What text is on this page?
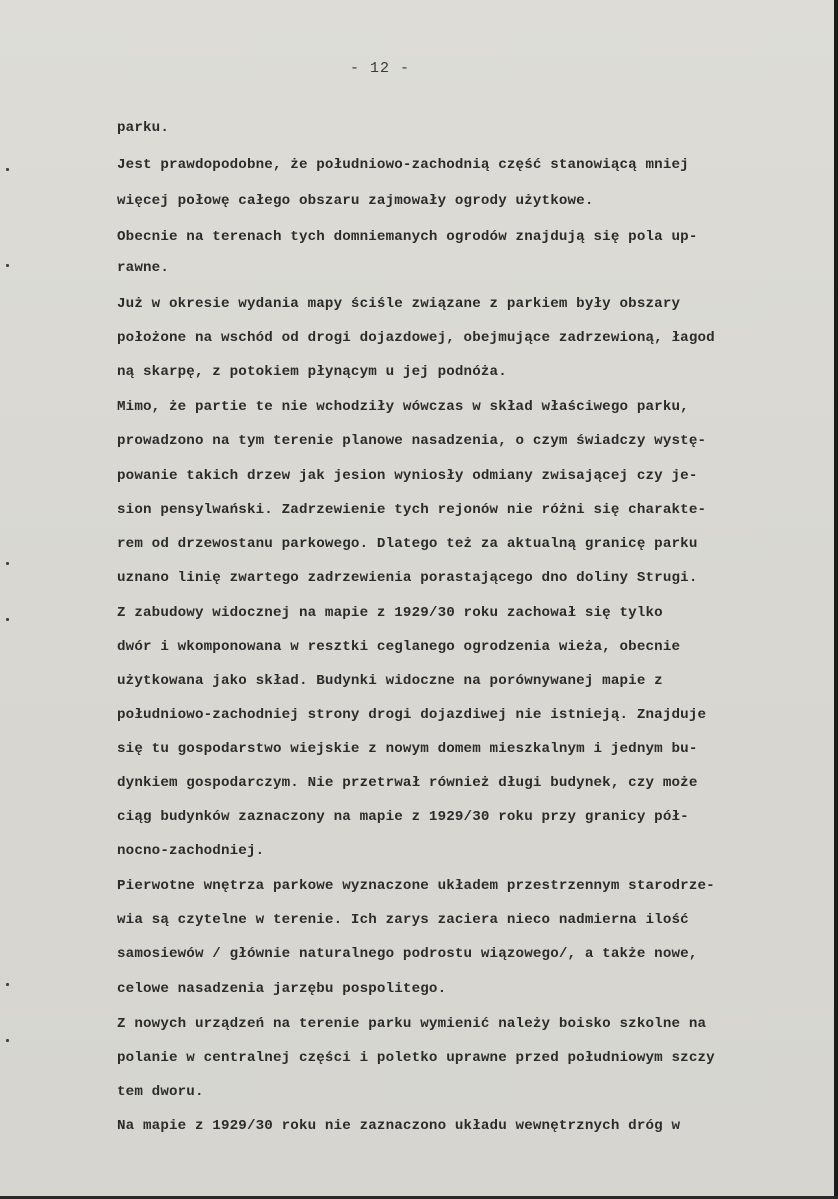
- 12 -
parku.
Jest prawdopodobne, że południowo-zachodnią część stanowiącą mniej
więcej połowę całego obszaru zajmowały ogrody użytkowe.
Obecnie na terenach tych domniemanych ogrodów znajdują się pola up-
rawne.
Już w okresie wydania mapy ściśle związane z parkiem były obszary
położone na wschód od drogi dojazdowej, obejmujące zadrzewioną, łagod
ną skarpę, z potokiem płynącym u jej podnóża.
Mimo, że partie te nie wchodziły wówczas w skład właściwego parku,
prowadzono na tym terenie planowe nasadzenia, o czym świadczy wystę-
powanie takich drzew jak jesion wyniosły odmiany zwisającej czy je-
sion pensylwański. Zadrzewienie tych rejonów nie różni się charakte-
rem od drzewostanu parkowego. Dlatego też za aktualną granicę parku
uznano linię zwartego zadrzewienia porastającego dno doliny Strugi.
Z zabudowy widocznej na mapie z 1929/30 roku zachował się tylko
dwór i wkomponowana w resztki ceglanego ogrodzenia wieża, obecnie
użytkowana jako skład. Budynki widoczne na porównywanej mapie z
południowo-zachodniej strony drogi dojazdiwej nie istnieją. Znajduje
się tu gospodarstwo wiejskie z nowym domem mieszkalnym i jednym bu-
dynkiem gospodarczym. Nie przetrwał również długi budynek, czy może
ciąg budynków zaznaczony na mapie z 1929/30 roku przy granicy pół-
nocno-zachodniej.
Pierwotne wnętrza parkowe wyznaczone układem przestrzennym starodrze-
wia są czytelne w terenie. Ich zarys zaciera nieco nadmierna ilość
samosiewów / głównie naturalnego podrostu wiązowego/, a także nowe,
celowe nasadzenia jarzębu pospolitego.
Z nowych urządzeń na terenie parku wymienić należy boisko szkolne na
polanie w centralnej części i poletko uprawne przed południowym szczy
tem dworu.
Na mapie z 1929/30 roku nie zaznaczono układu wewnętrznych dróg w
